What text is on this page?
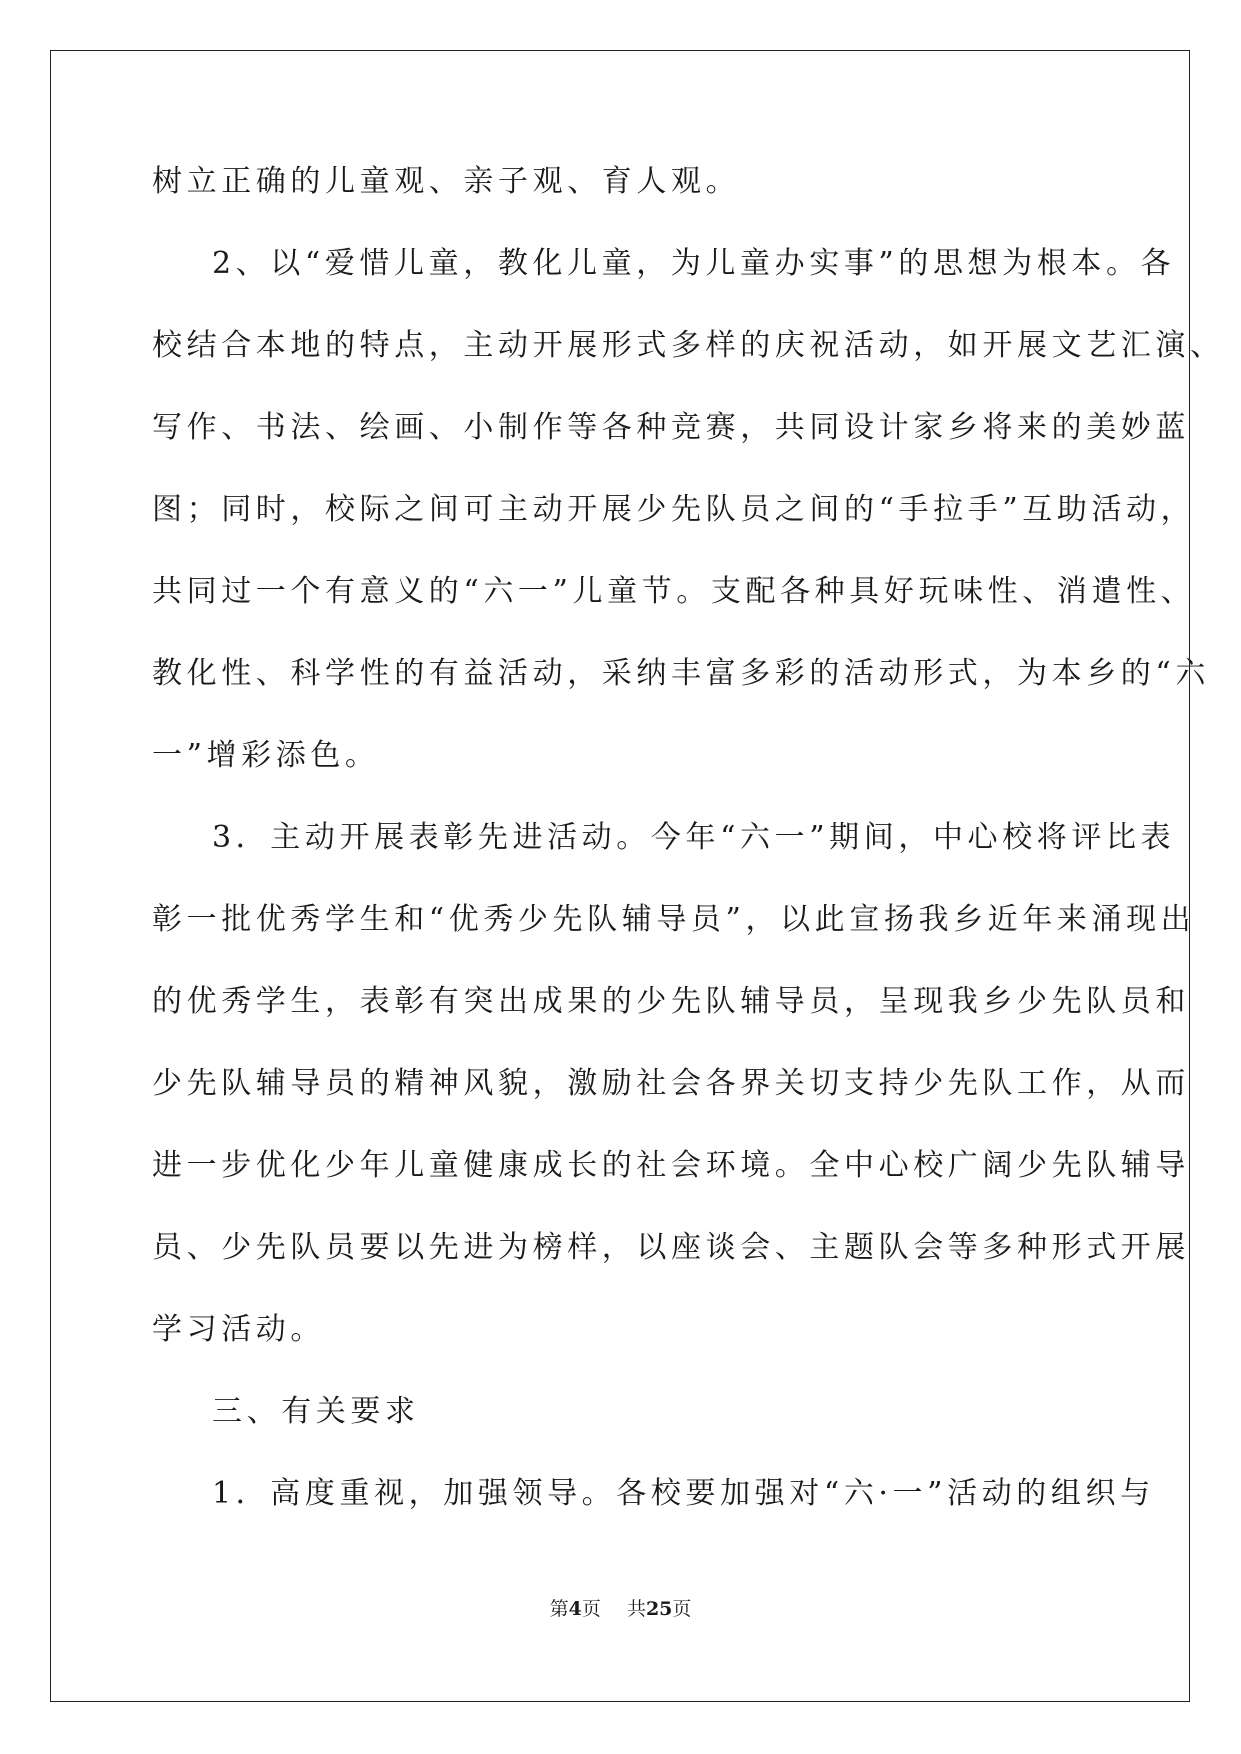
树立正确的儿童观、亲子观、育人观。
2、以“爱惜儿童，教化儿童，为儿童办实事”的思想为根本。各
校结合本地的特点，主动开展形式多样的庆祝活动，如开展文艺汇演、
写作、书法、绘画、小制作等各种竞赛，共同设计家乡将来的美妙蓝
图；同时，校际之间可主动开展少先队员之间的“手拉手”互助活动，
共同过一个有意义的“六一”儿童节。支配各种具好玩味性、消遣性、
教化性、科学性的有益活动，采纳丰富多彩的活动形式，为本乡的“六
一”增彩添色。
3．主动开展表彰先进活动。今年“六一”期间，中心校将评比表
彰一批优秀学生和“优秀少先队辅导员”，以此宣扬我乡近年来涌现出
的优秀学生，表彰有突出成果的少先队辅导员，呈现我乡少先队员和
少先队辅导员的精神风貌，激励社会各界关切支持少先队工作，从而
进一步优化少年儿童健康成长的社会环境。全中心校广阔少先队辅导
员、少先队员要以先进为榜样，以座谈会、主题队会等多种形式开展
学习活动。
三、有关要求
1．高度重视，加强领导。各校要加强对“六·一”活动的组织与
第4页 共25页
